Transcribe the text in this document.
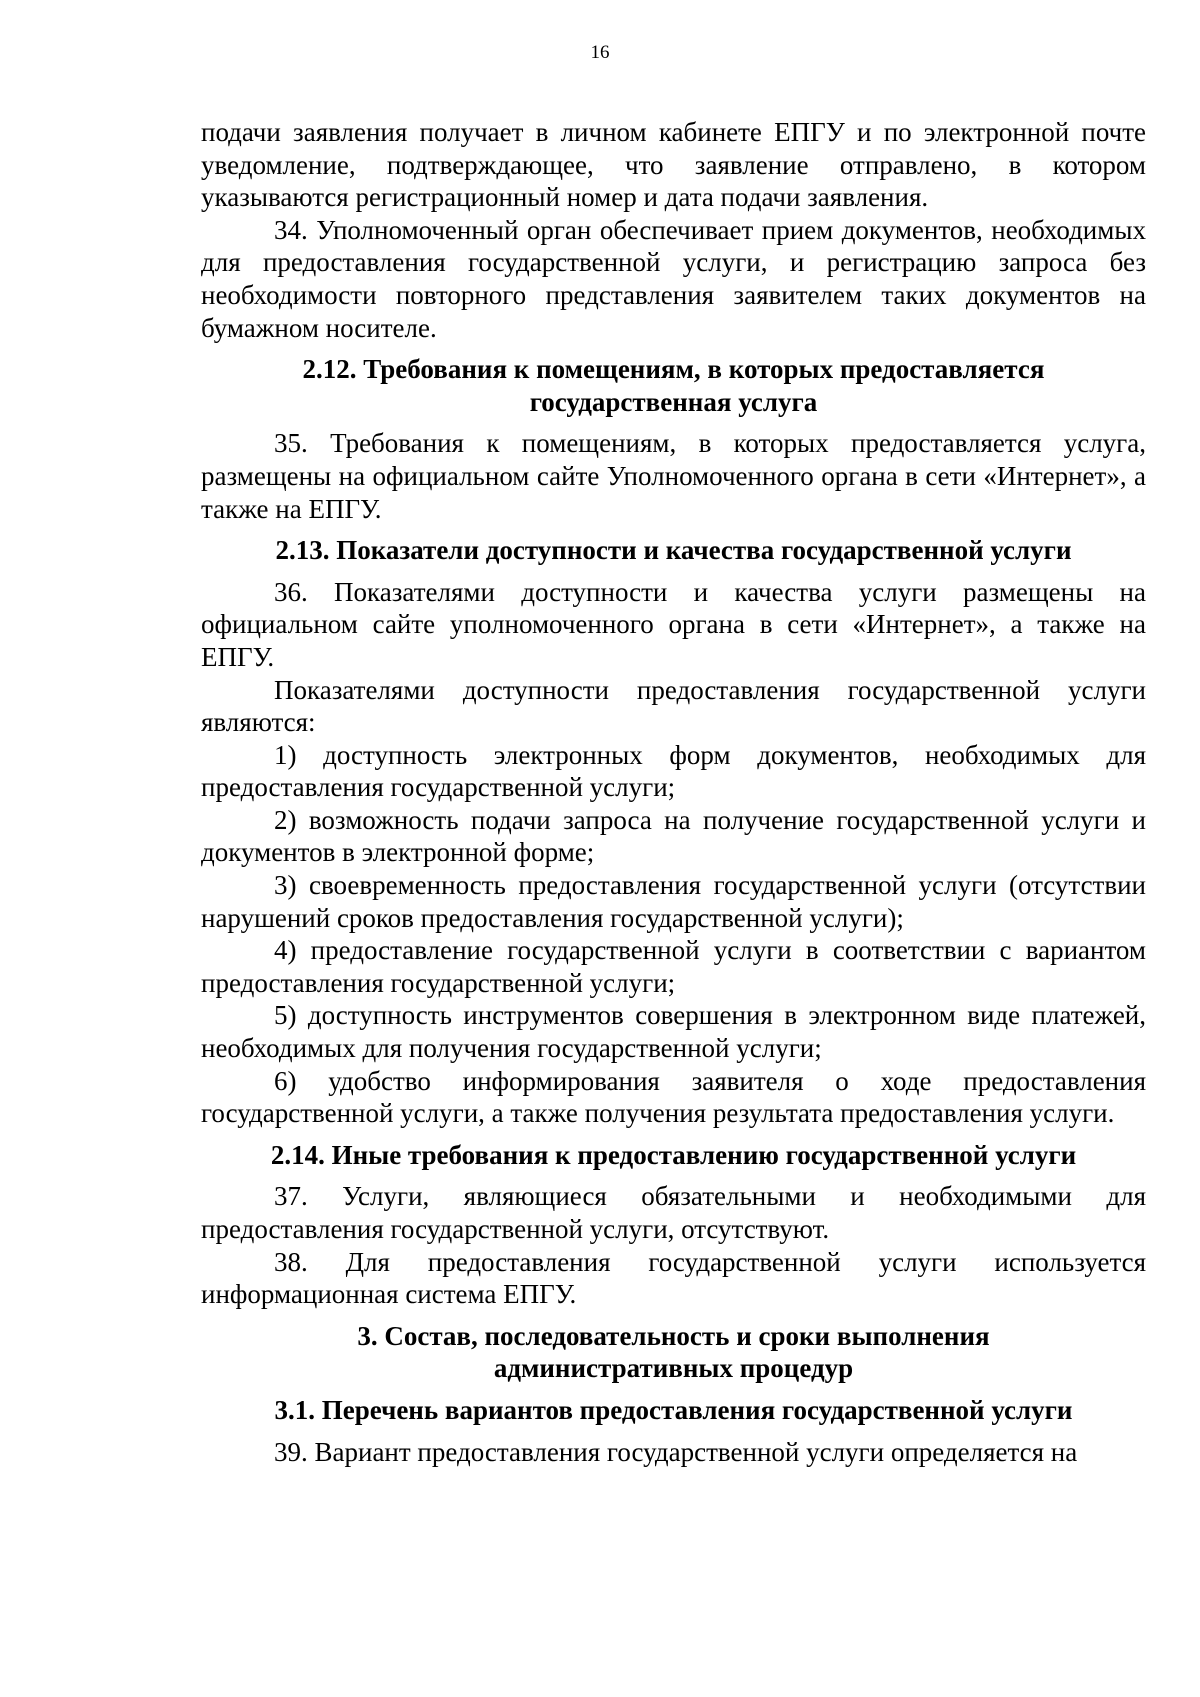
16

подачи заявления получает в личном кабинете ЕПГУ и по электронной почте уведомление, подтверждающее, что заявление отправлено, в котором указываются регистрационный номер и дата подачи заявления.

34. Уполномоченный орган обеспечивает прием документов, необходимых для предоставления государственной услуги, и регистрацию запроса без необходимости повторного представления заявителем таких документов на бумажном носителе.

2.12. Требования к помещениям, в которых предоставляется государственная услуга

35. Требования к помещениям, в которых предоставляется услуга, размещены на официальном сайте Уполномоченного органа в сети «Интернет», а также на ЕПГУ.

2.13. Показатели доступности и качества государственной услуги

36. Показателями доступности и качества услуги размещены на официальном сайте уполномоченного органа в сети «Интернет», а также на ЕПГУ.

Показателями доступности предоставления государственной услуги являются:

1) доступность электронных форм документов, необходимых для предоставления государственной услуги;

2) возможность подачи запроса на получение государственной услуги и документов в электронной форме;

3) своевременность предоставления государственной услуги (отсутствии нарушений сроков предоставления государственной услуги);

4) предоставление государственной услуги в соответствии с вариантом предоставления государственной услуги;

5) доступность инструментов совершения в электронном виде платежей, необходимых для получения государственной услуги;

6) удобство информирования заявителя о ходе предоставления государственной услуги, а также получения результата предоставления услуги.

2.14. Иные требования к предоставлению государственной услуги

37. Услуги, являющиеся обязательными и необходимыми для предоставления государственной услуги, отсутствуют.

38. Для предоставления государственной услуги используется информационная система ЕПГУ.

3. Состав, последовательность и сроки выполнения административных процедур
3.1. Перечень вариантов предоставления государственной услуги

39. Вариант предоставления государственной услуги определяется на
